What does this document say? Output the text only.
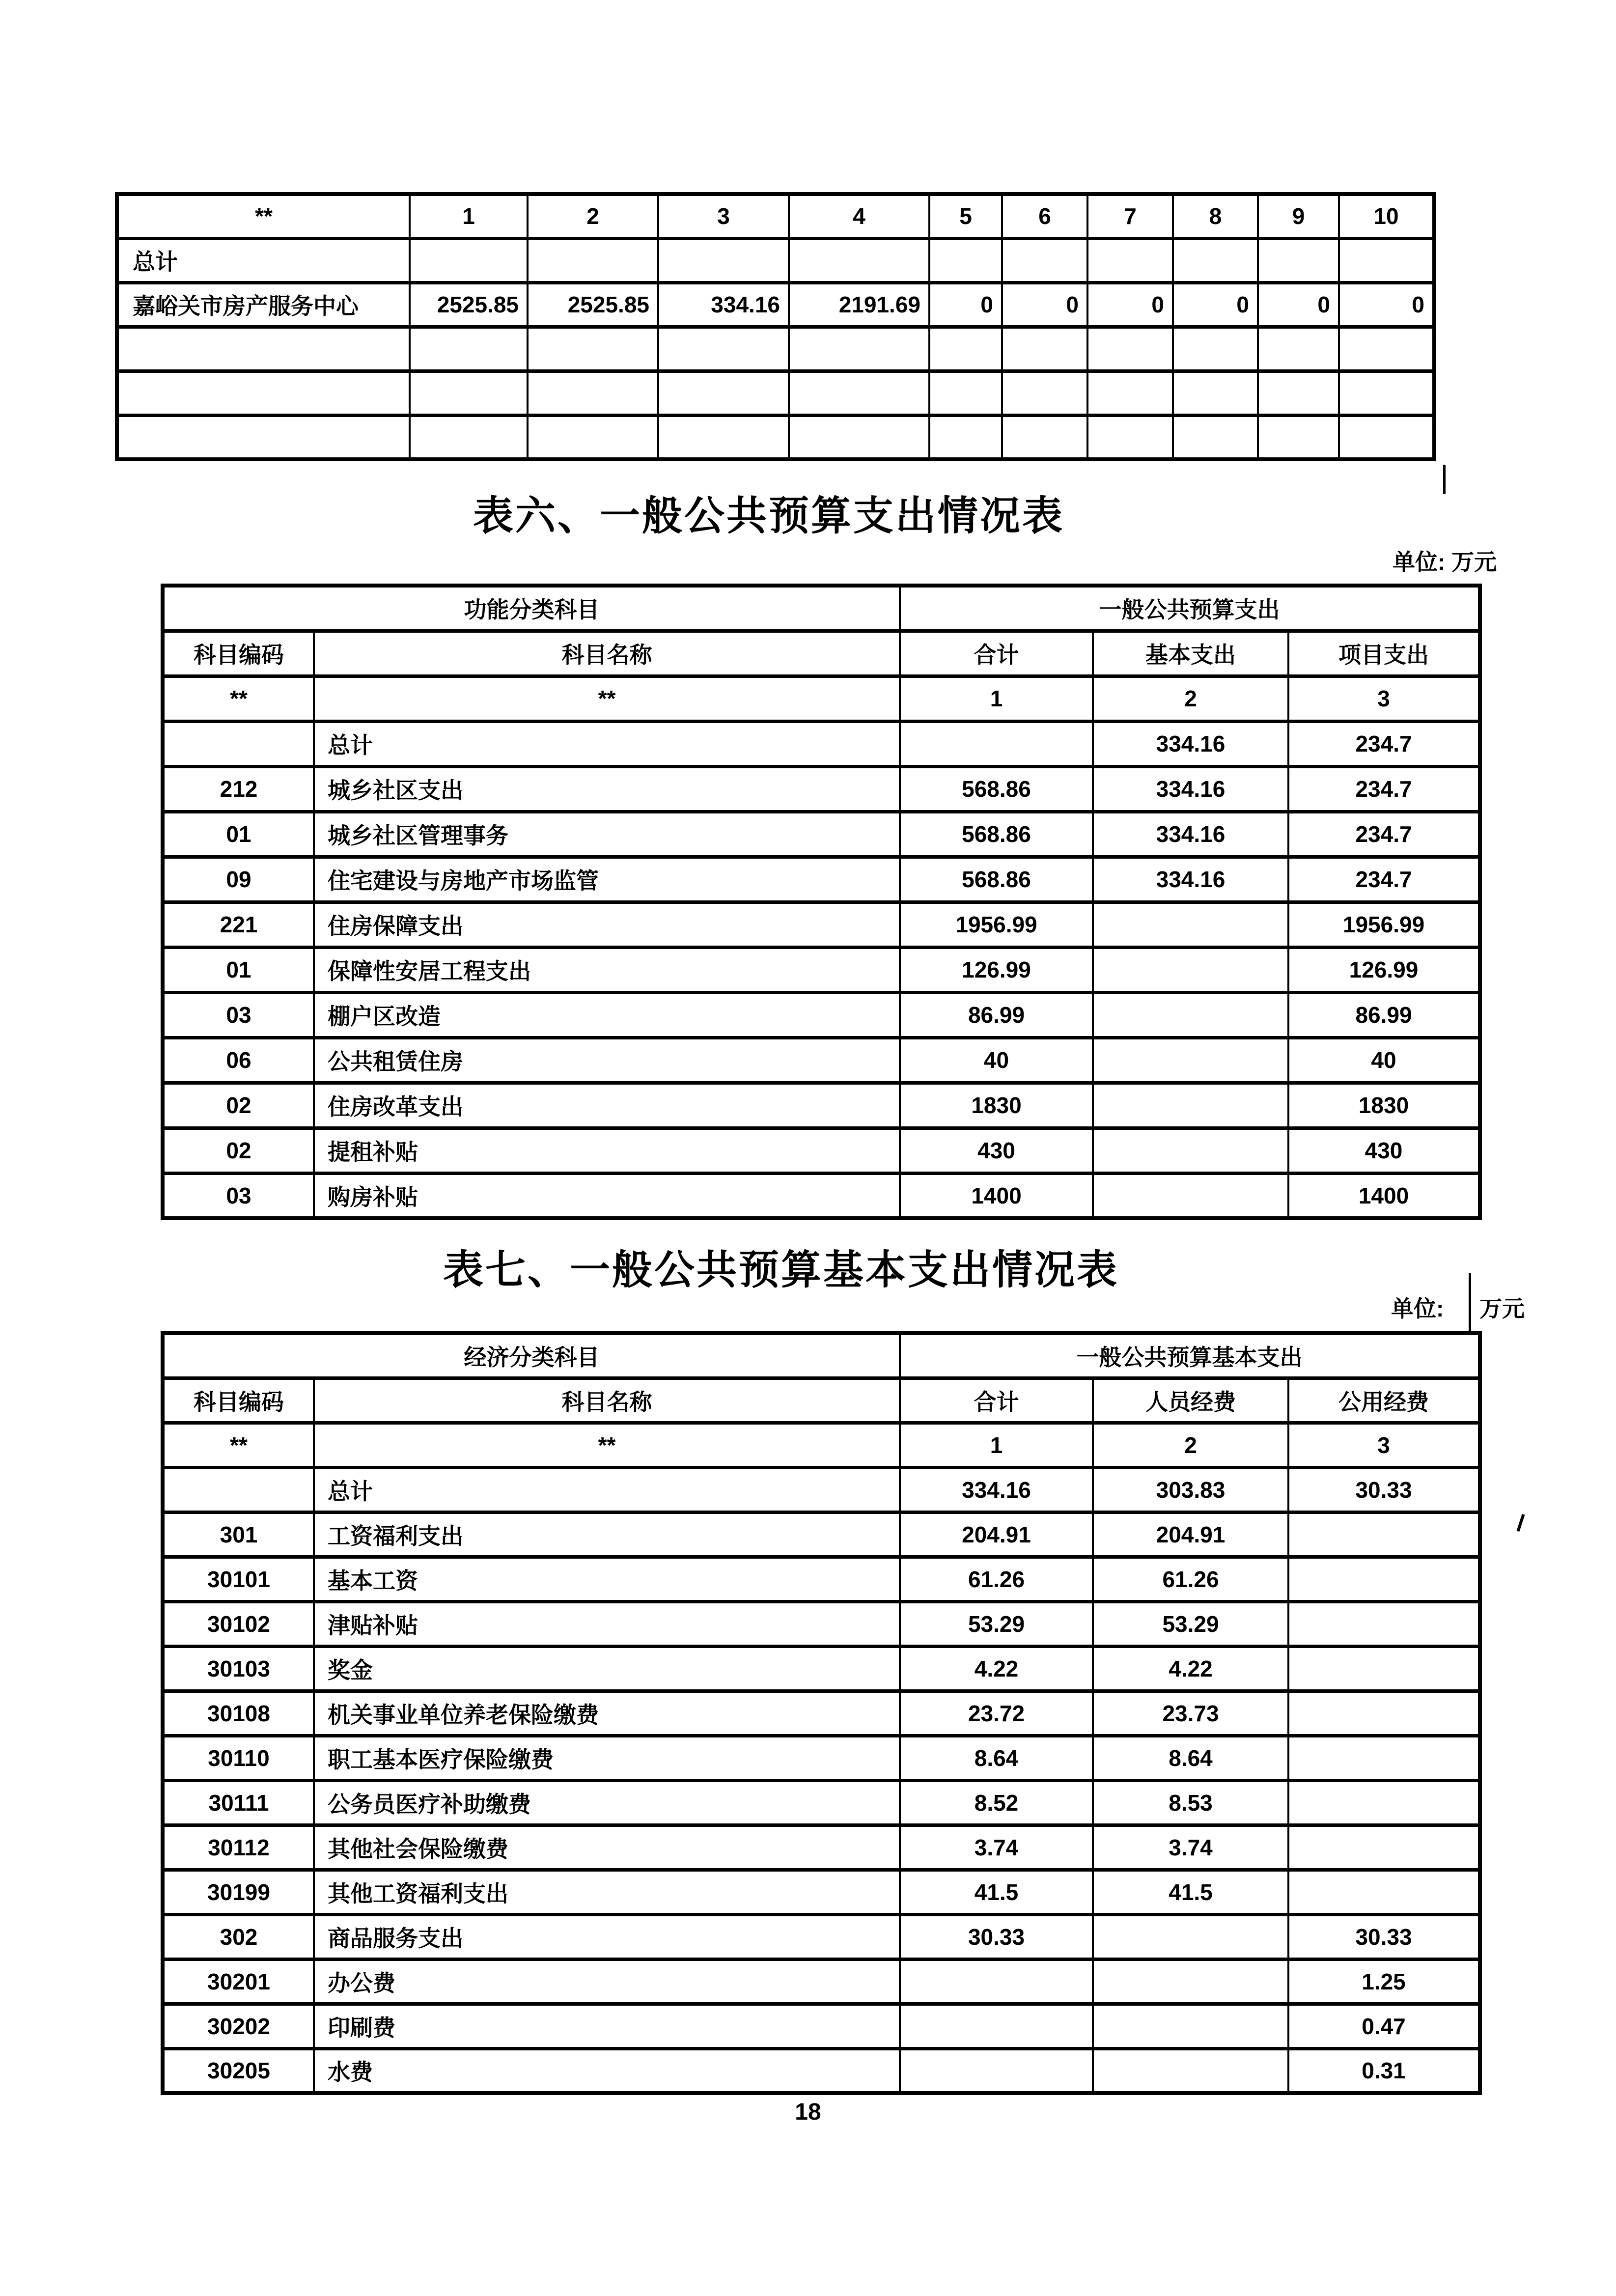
**	1	2	3	4	5	6	7	8	9	10
总计										
嘉峪关市房产服务中心	2525.85	2525.85	334.16	2191.69	0	0	0	0	0	0

表六、一般公共预算支出情况表
单位: 万元
功能分类科目		一般公共预算支出		
科目编码	科目名称	合计	基本支出	项目支出
**	**	1	2	3
	总计		334.16	234.7
212	城乡社区支出	568.86	334.16	234.7
01	城乡社区管理事务	568.86	334.16	234.7
09	住宅建设与房地产市场监管	568.86	334.16	234.7
221	住房保障支出	1956.99		1956.99
01	保障性安居工程支出	126.99		126.99
03	棚户区改造	86.99		86.99
06	公共租赁住房	40		40
02	住房改革支出	1830		1830
02	提租补贴	430		430
03	购房补贴	1400		1400
表七、一般公共预算基本支出情况表
单位: 万元
经济分类科目		一般公共预算基本支出		
科目编码	科目名称	合计	人员经费	公用经费
**	**	1	2	3
	总计	334.16	303.83	30.33
301	工资福利支出	204.91	204.91	
30101	基本工资	61.26	61.26	
30102	津贴补贴	53.29	53.29	
30103	奖金	4.22	4.22	
30108	机关事业单位养老保险缴费	23.72	23.73	
30110	职工基本医疗保险缴费	8.64	8.64	
30111	公务员医疗补助缴费	8.52	8.53	
30112	其他社会保险缴费	3.74	3.74	
30199	其他工资福利支出	41.5	41.5	
302	商品服务支出	30.33		30.33
30201	办公费			1.25
30202	印刷费			0.47
30205	水费			0.31
18
